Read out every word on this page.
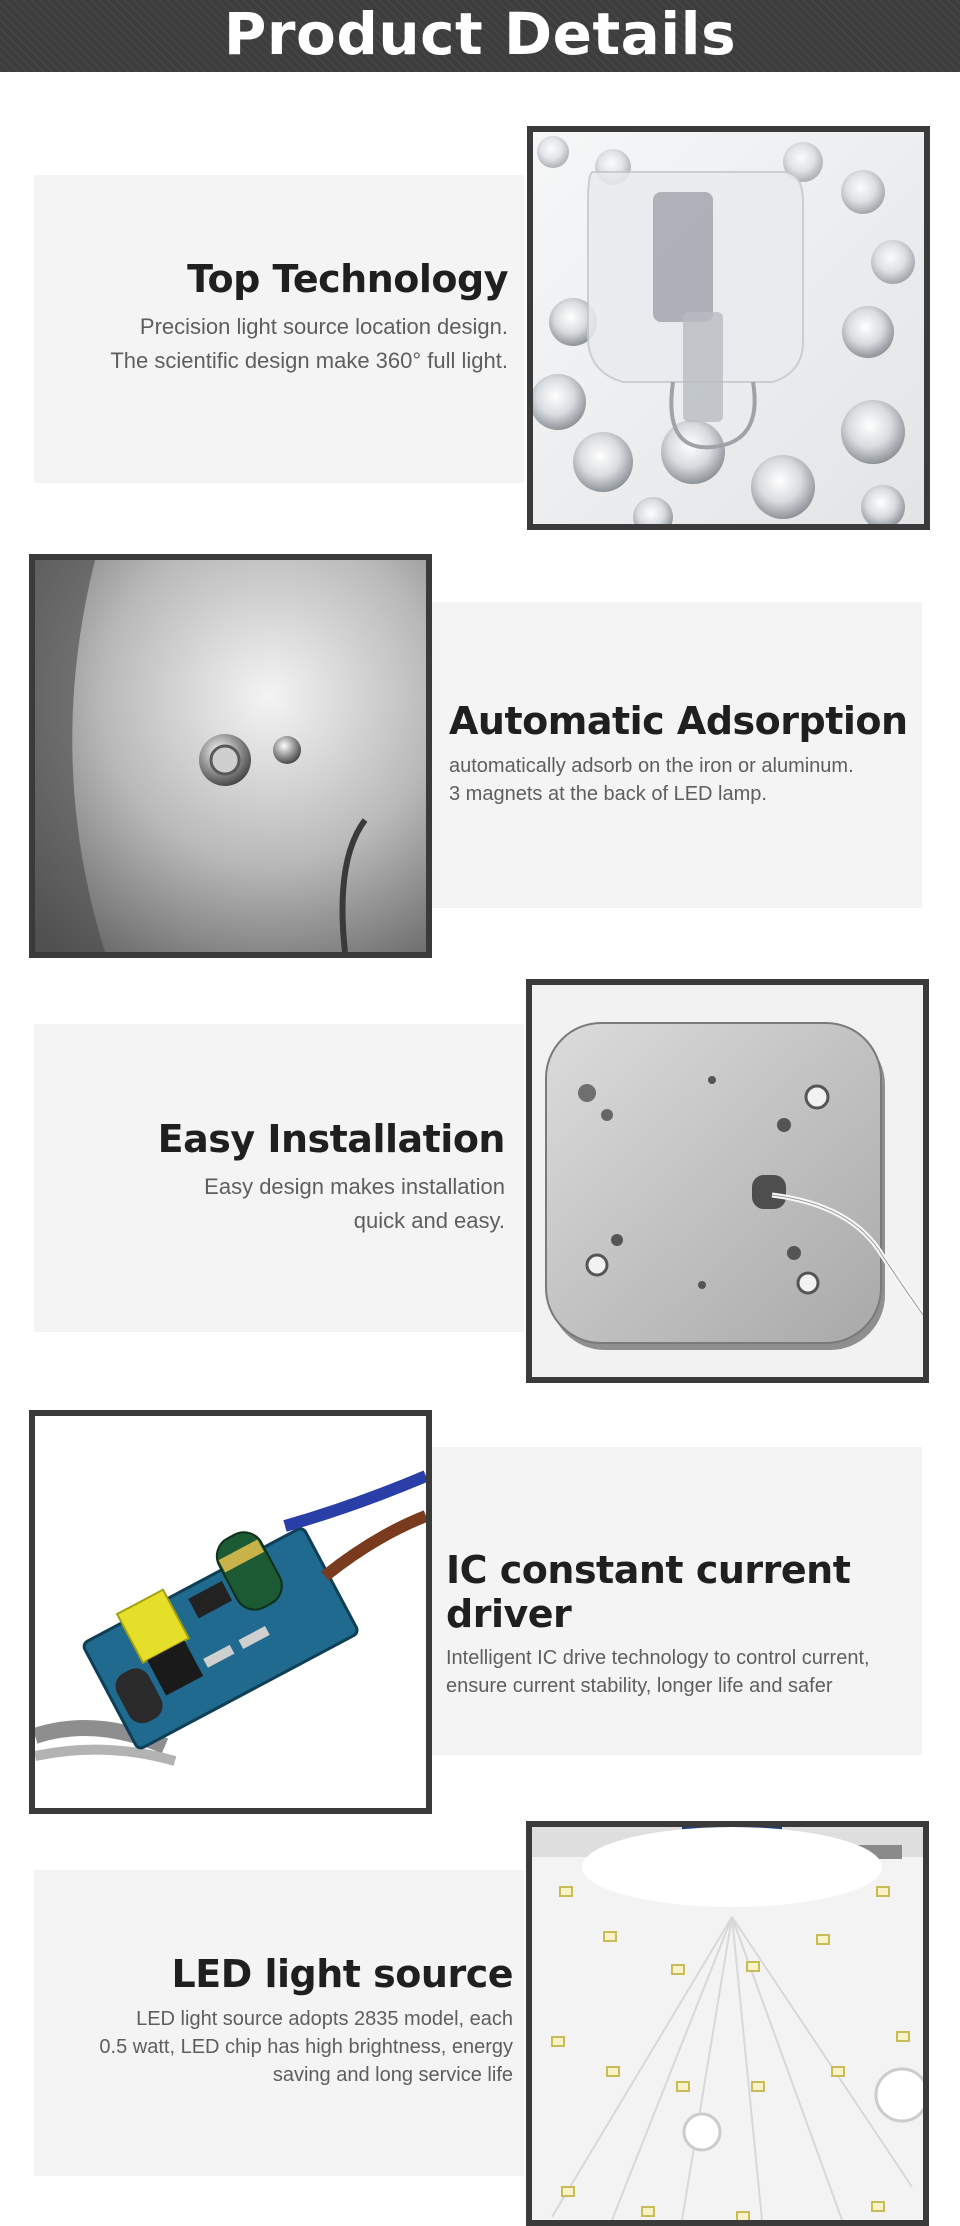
Product Details
Top Technology

Precision light source location design.

The scientific design make 360° full light.

Automatic Adsorption

automatically adsorb on the iron or aluminum.

3 magnets at the back of LED lamp.

Easy Installation

Easy design makes installation

quick and easy.

IC constant current driver

Intelligent IC drive technology to control current,

ensure current stability, longer life and safer

LED light source

LED light source adopts 2835 model, each

0.5 watt, LED chip has high brightness, energy

saving and long service life
